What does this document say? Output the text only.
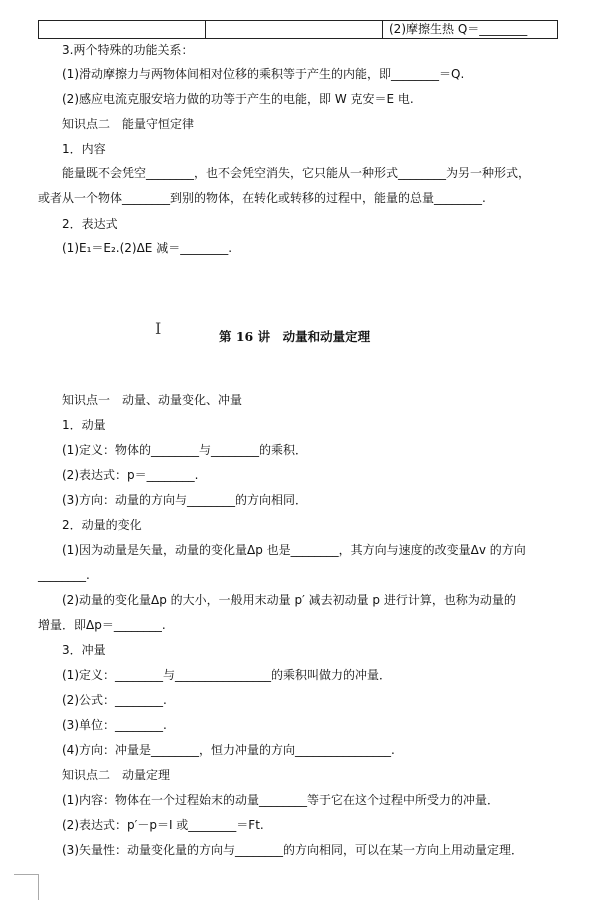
		(2)摩擦生热 Q＝________
3.两个特殊的功能关系：
(1)滑动摩擦力与两物体间相对位移的乘积等于产生的内能，即________＝Q.
(2)感应电流克服安培力做的功等于产生的电能，即 W 克安＝E 电.
知识点二　能量守恒定律
1．内容
能量既不会凭空________，也不会凭空消失，它只能从一种形式________为另一种形式，
或者从一个物体________到别的物体，在转化或转移的过程中，能量的总量________.
2．表达式
(1)E₁＝E₂.(2)ΔE 减＝________.
I	第 16 讲　动量和动量定理
知识点一　动量、动量变化、冲量
1．动量
(1)定义：物体的________与________的乘积．
(2)表达式：p＝________.
(3)方向：动量的方向与________的方向相同．
2．动量的变化
(1)因为动量是矢量，动量的变化量Δp 也是________，其方向与速度的改变量Δv 的方向
________.
(2)动量的变化量Δp 的大小，一般用末动量 p′ 减去初动量 p 进行计算，也称为动量的
增量．即Δp＝________.
3．冲量
(1)定义：________与________________的乘积叫做力的冲量．
(2)公式：________.
(3)单位：________.
(4)方向：冲量是________，恒力冲量的方向________________.
知识点二　动量定理
(1)内容：物体在一个过程始末的动量________等于它在这个过程中所受力的冲量．
(2)表达式：p′－p＝I 或________＝Ft.
(3)矢量性：动量变化量的方向与________的方向相同，可以在某一方向上用动量定理．
